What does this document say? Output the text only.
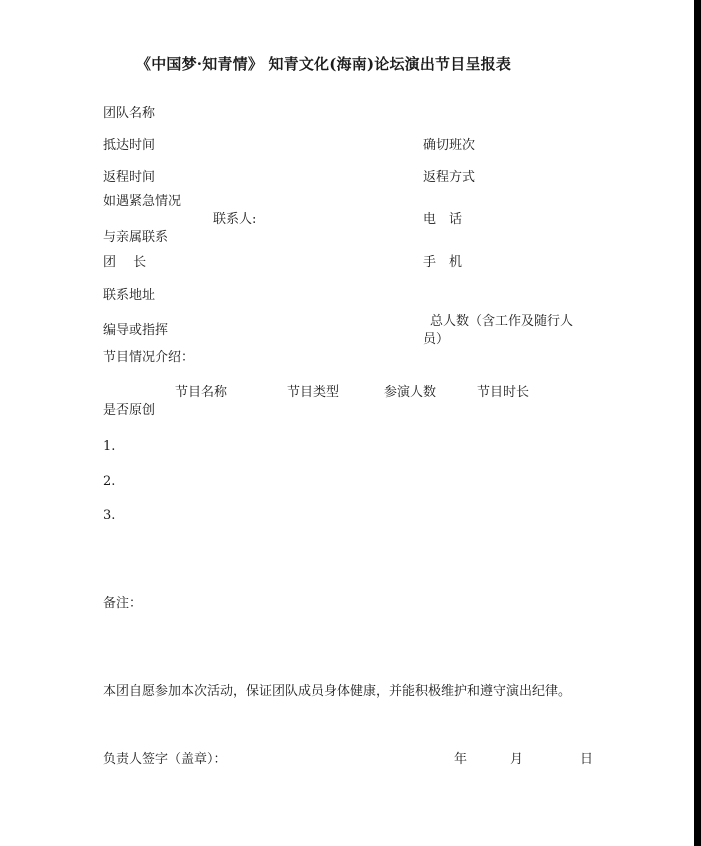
《中国梦·知青情》 知青文化(海南)论坛演出节目呈报表
团队名称
抵达时间	确切班次
返程时间	返程方式
如遇紧急情况
联系人:	电　话
与亲属联系
团　 长	手　机
联系地址
编导或指挥
总人数（含工作及随行人
员）
节目情况介绍：
节目名称	节目类型	参演人数	节目时长
是否原创
1.
2.
3.
备注：
本团自愿参加本次活动，保证团队成员身体健康，并能积极维护和遵守演出纪律。
负责人签字（盖章）：	年	月	日
